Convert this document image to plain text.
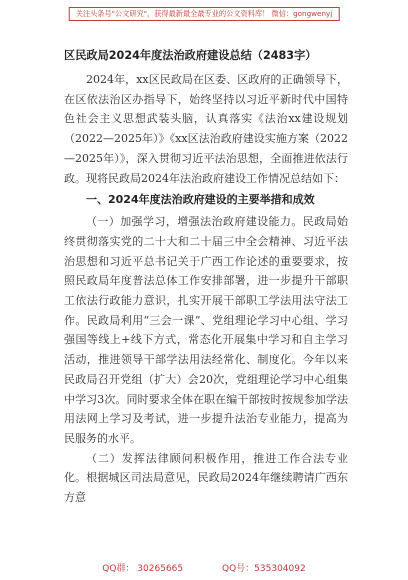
关注头条号"公文研究"，获得最新最全最专业的公文资料库！ 微信：gongwenyj
区民政局2024年度法治政府建设总结（2483字）

2024年，xx区民政局在区委、区政府的正确领导下，在区依法治区办指导下，始终坚持以习近平新时代中国特色社会主义思想武装头脑，认真落实《法治xx建设规划（2022—2025年）》《xx区法治政府建设实施方案（2022—2025年）》，深入贯彻习近平法治思想，全面推进依法行政。现将民政局2024年法治政府建设工作情况总结如下：

一、2024年度法治政府建设的主要举措和成效

（一）加强学习，增强法治政府建设能力。民政局始终贯彻落实党的二十大和二十届三中全会精神、习近平法治思想和习近平总书记关于广西工作论述的重要要求，按照民政局年度普法总体工作安排部署，进一步提升干部职工依法行政能力意识，扎实开展干部职工学法用法守法工作。民政局利用“三会一课”、党组理论学习中心组、学习强国等线上+线下方式，常态化开展集中学习和自主学习活动，推进领导干部学法用法经常化、制度化。今年以来民政局召开党组（扩大）会20次，党组理论学习中心组集中学习3次。同时要求全体在职在编干部按时按规参加学法用法网上学习及考试，进一步提升法治专业能力，提高为民服务的水平。

（二）发挥法律顾问积极作用，推进工作合法专业化。根据城区司法局意见，民政局2024年继续聘请广西东方意

QQ群： 30265665	QQ号：535304092
